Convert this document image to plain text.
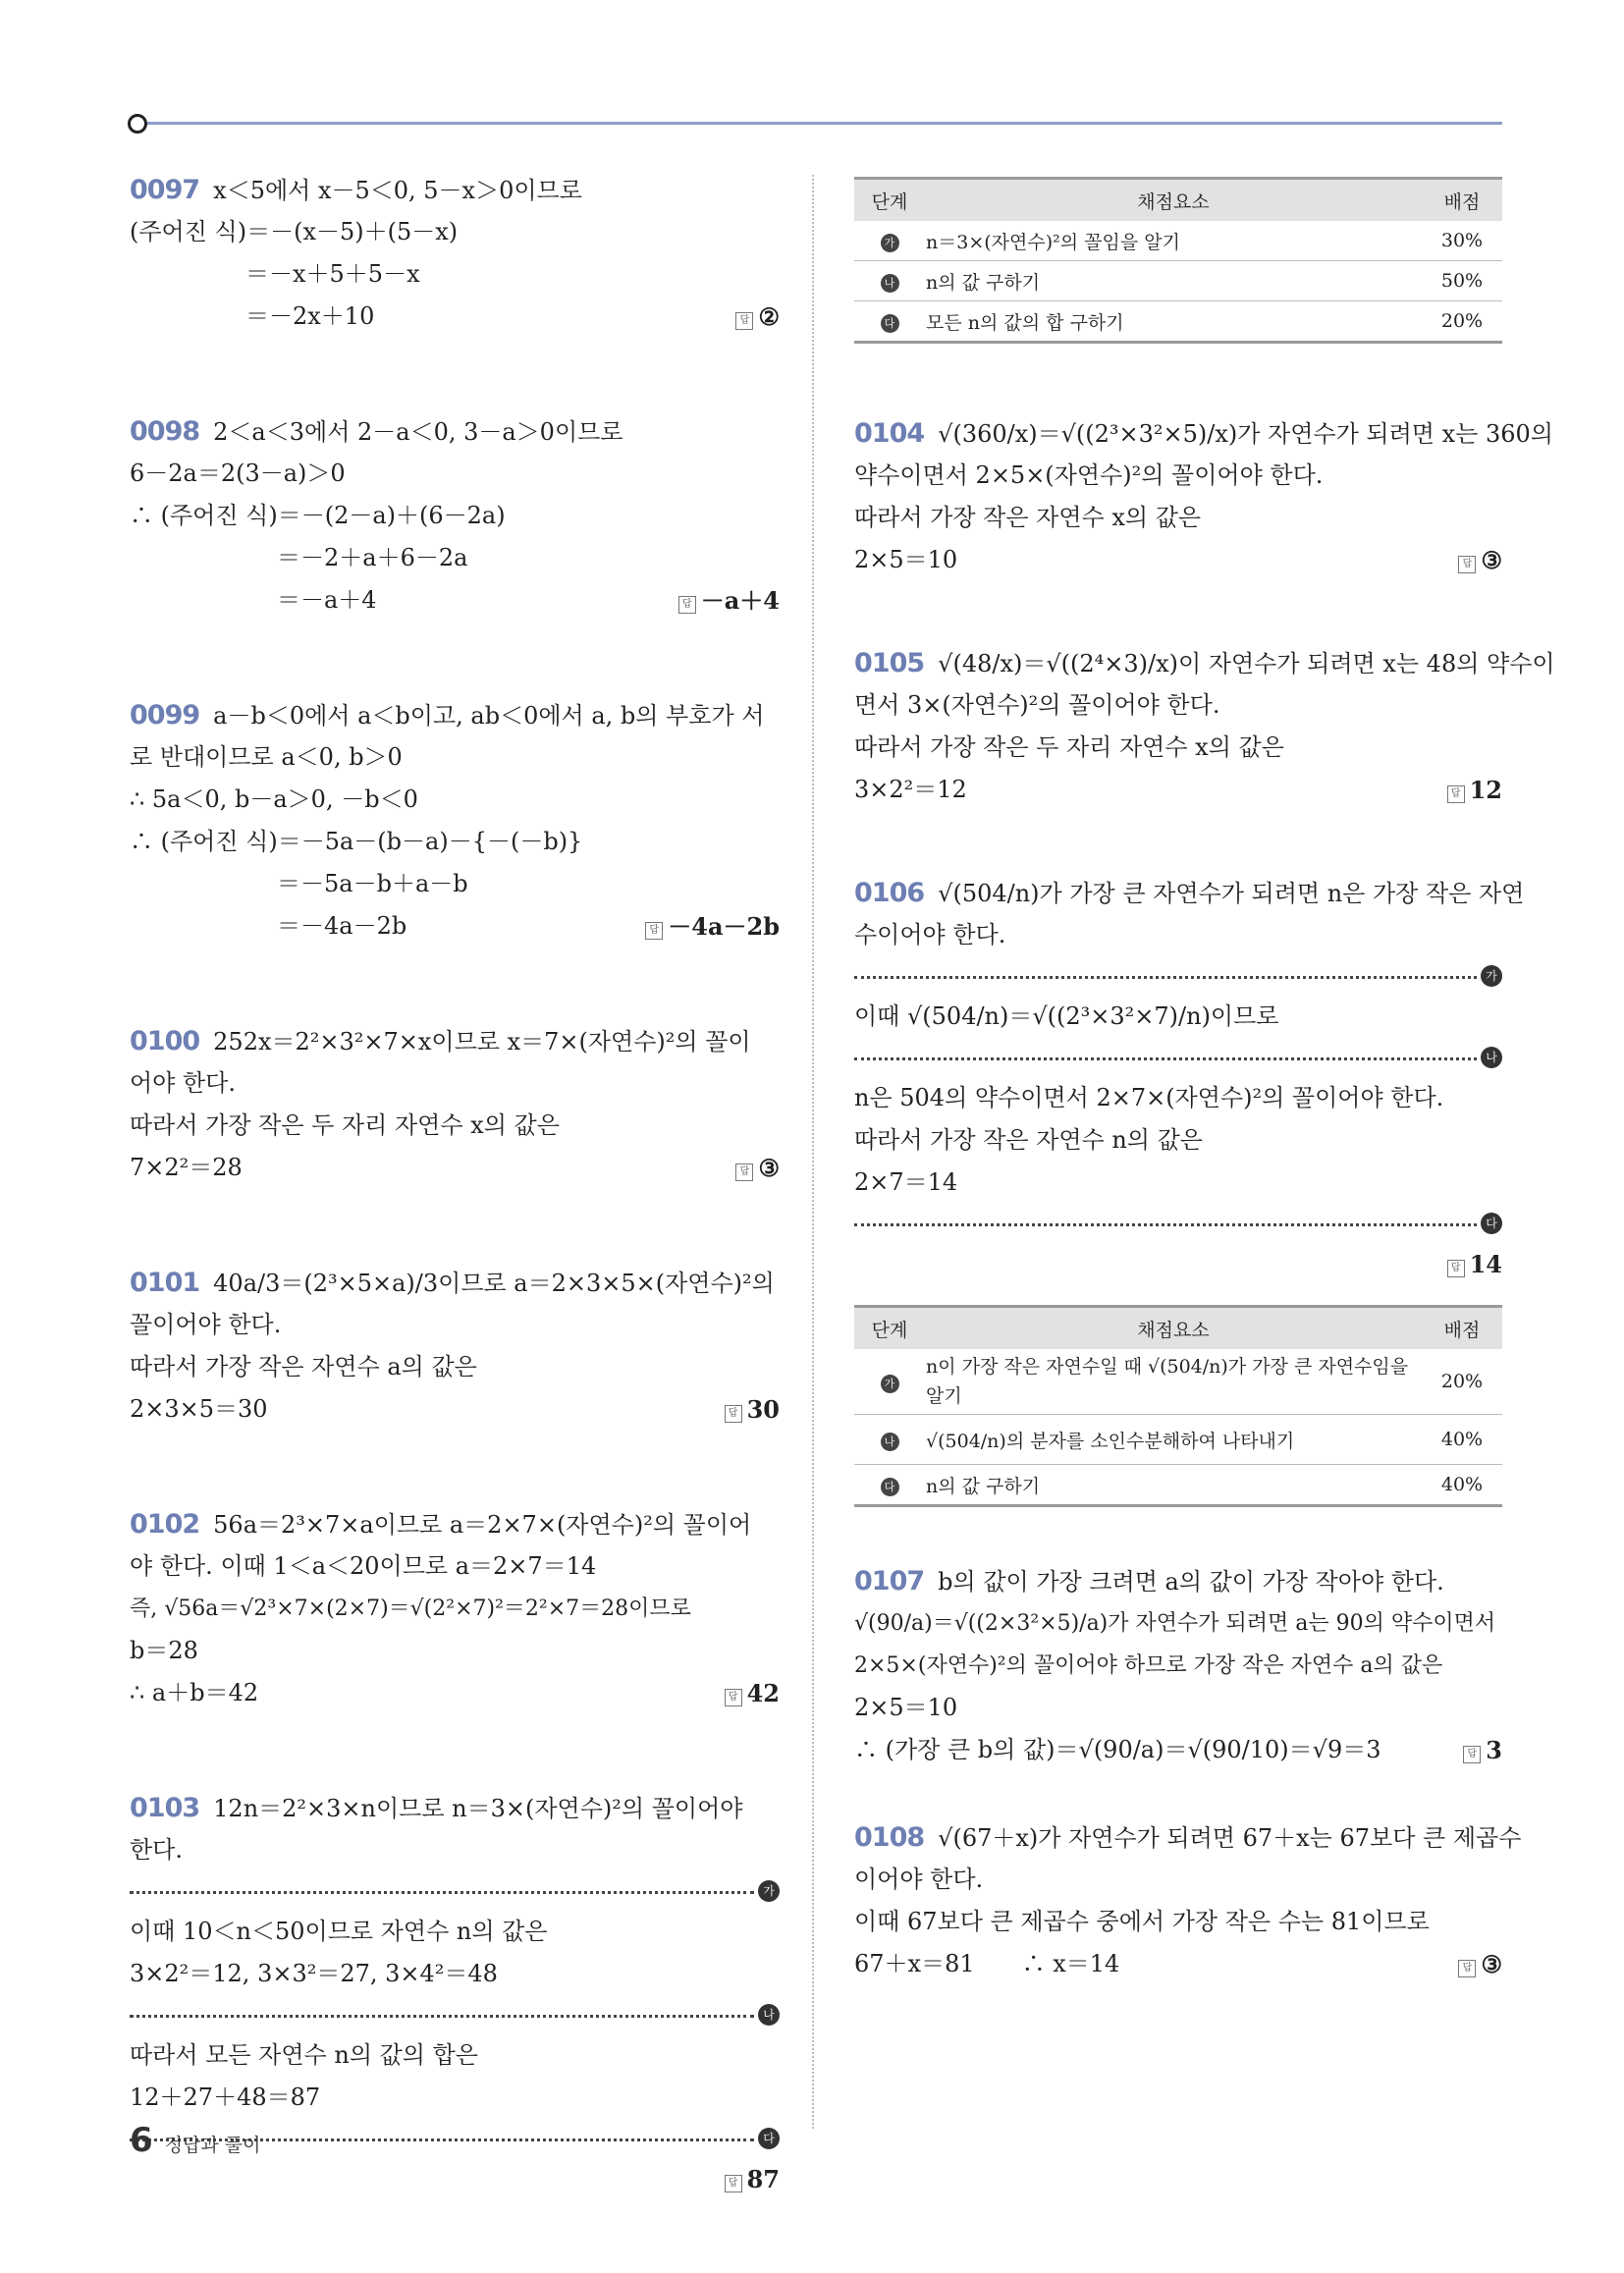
0097 x＜5에서 x－5＜0, 5－x＞0이므로
(주어진 식)＝－(x－5)＋(5－x)
＝－x＋5＋5－x
＝－2x＋10	답 ②
0098 2＜a＜3에서 2－a＜0, 3－a＞0이므로
6－2a＝2(3－a)＞0
∴ (주어진 식)＝－(2－a)＋(6－2a)
＝－2＋a＋6－2a
＝－a＋4	답 －a＋4
0099 a－b＜0에서 a＜b이고, ab＜0에서 a, b의 부호가 서
로 반대이므로 a＜0, b＞0
∴ 5a＜0, b－a＞0, －b＜0
∴ (주어진 식)＝－5a－(b－a)－{－(－b)}
＝－5a－b＋a－b
＝－4a－2b	답 －4a－2b
0100 252x＝2²×3²×7×x이므로 x＝7×(자연수)²의 꼴이
어야 한다.
따라서 가장 작은 두 자리 자연수 x의 값은
7×2²＝28	답 ③
0101 40a/3＝(2³×5×a)/3이므로 a＝2×3×5×(자연수)²의
꼴이어야 한다.
따라서 가장 작은 자연수 a의 값은
2×3×5＝30	답 30
0102 56a＝2³×7×a이므로 a＝2×7×(자연수)²의 꼴이어
야 한다. 이때 1＜a＜20이므로 a＝2×7＝14
즉, √56a＝√2³×7×(2×7)＝√(2²×7)²＝2²×7＝28이므로
b＝28
∴ a＋b＝42	답 42
0103 12n＝2²×3×n이므로 n＝3×(자연수)²의 꼴이어야
한다.
가
이때 10＜n＜50이므로 자연수 n의 값은
3×2²＝12, 3×3²＝27, 3×4²＝48
나
따라서 모든 자연수 n의 값의 합은
12＋27＋48＝87
다
답 87
단계	채점요소	배점
가	n＝3×(자연수)²의 꼴임을 알기	30%
나	n의 값 구하기	50%
다	모든 n의 값의 합 구하기	20%
0104 √(360/x)＝√((2³×3²×5)/x)가 자연수가 되려면 x는 360의
약수이면서 2×5×(자연수)²의 꼴이어야 한다.
따라서 가장 작은 자연수 x의 값은
2×5＝10	답 ③
0105 √(48/x)＝√((2⁴×3)/x)이 자연수가 되려면 x는 48의 약수이
면서 3×(자연수)²의 꼴이어야 한다.
따라서 가장 작은 두 자리 자연수 x의 값은
3×2²＝12	답 12
0106 √(504/n)가 가장 큰 자연수가 되려면 n은 가장 작은 자연
수이어야 한다.
가
이때 √(504/n)＝√((2³×3²×7)/n)이므로
나
n은 504의 약수이면서 2×7×(자연수)²의 꼴이어야 한다.
따라서 가장 작은 자연수 n의 값은
2×7＝14
다
답 14
단계	채점요소	배점
가	n이 가장 작은 자연수일 때 √(504/n)가 가장 큰 자연수임을 알기	20%
나	√(504/n)의 분자를 소인수분해하여 나타내기	40%
다	n의 값 구하기	40%
0107 b의 값이 가장 크려면 a의 값이 가장 작아야 한다.
√(90/a)＝√((2×3²×5)/a)가 자연수가 되려면 a는 90의 약수이면서
2×5×(자연수)²의 꼴이어야 하므로 가장 작은 자연수 a의 값은
2×5＝10
∴ (가장 큰 b의 값)＝√(90/a)＝√(90/10)＝√9＝3	답 3
0108 √(67＋x)가 자연수가 되려면 67＋x는 67보다 큰 제곱수
이어야 한다.
이때 67보다 큰 제곱수 중에서 가장 작은 수는 81이므로
67＋x＝81　　∴ x＝14	답 ③
6 정답과 풀이
